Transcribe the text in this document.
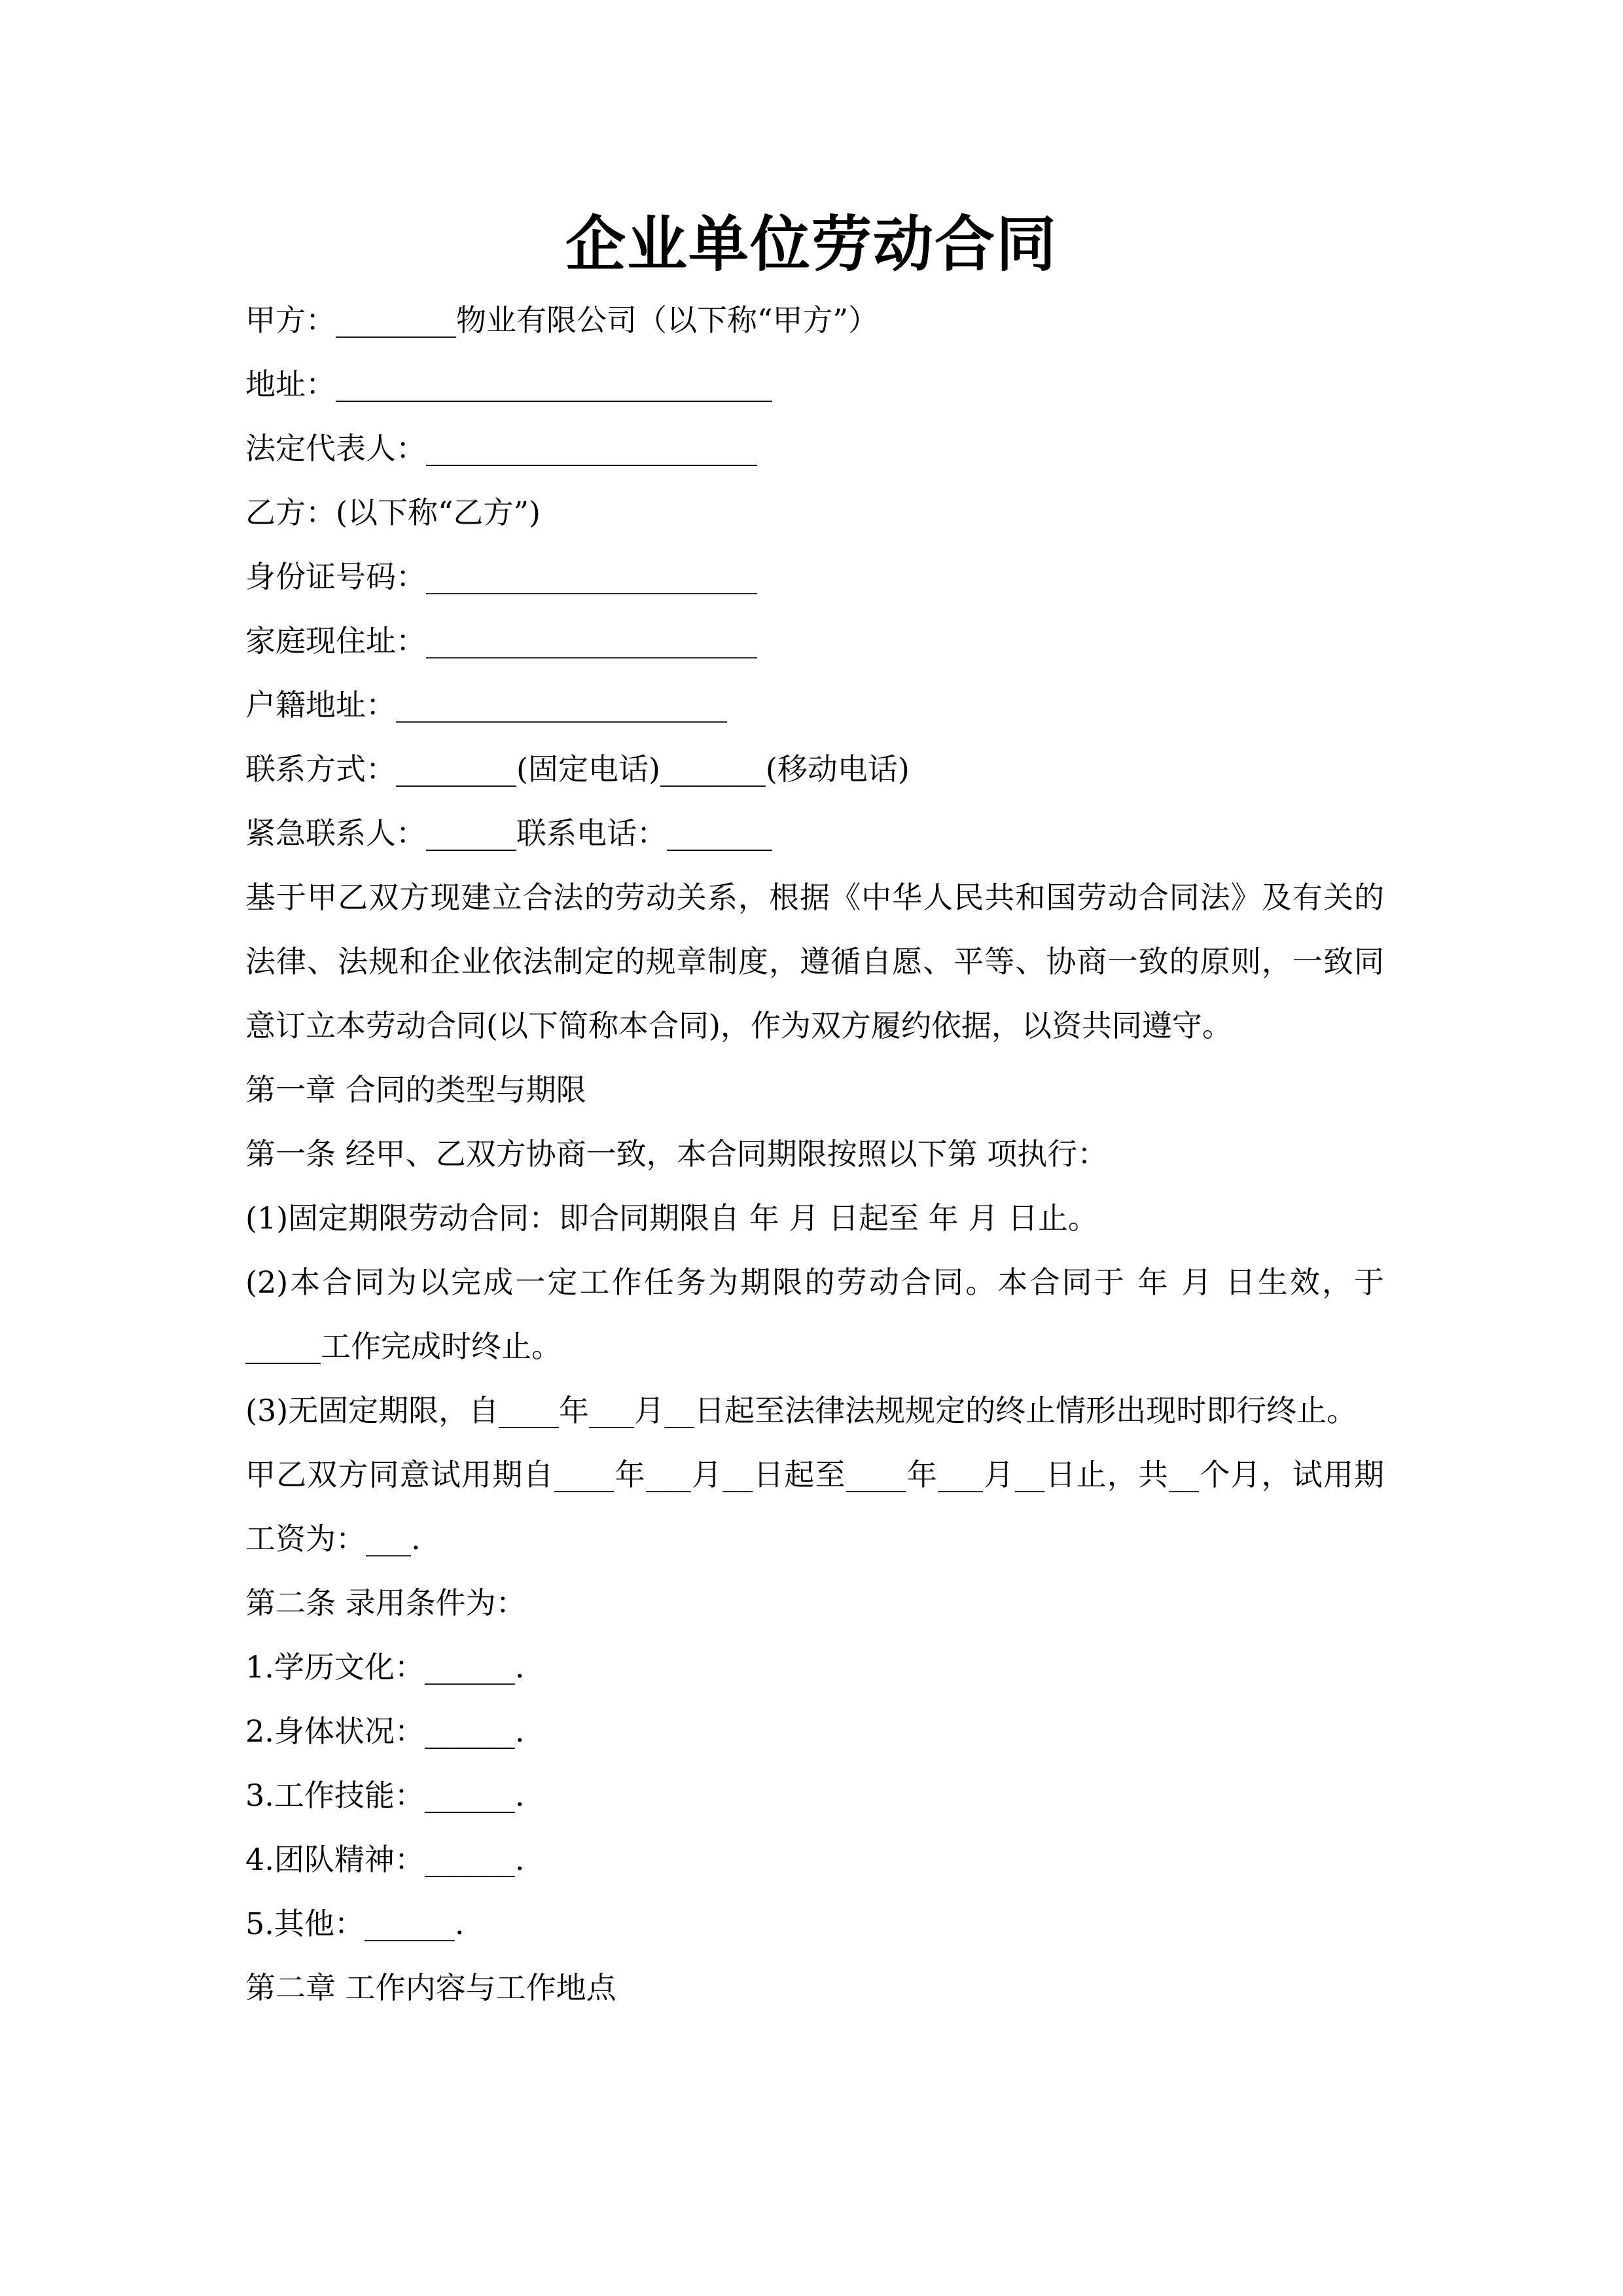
企业单位劳动合同
甲方：________物业有限公司（以下称“甲方”）
地址：_____________________________
法定代表人：______________________
乙方：(以下称“乙方”)
身份证号码：______________________
家庭现住址：______________________
户籍地址：______________________
联系方式：________(固定电话)_______(移动电话)
紧急联系人：______联系电话：_______
基于甲乙双方现建立合法的劳动关系，根据《中华人民共和国劳动合同法》及有关的法律、法规和企业依法制定的规章制度，遵循自愿、平等、协商一致的原则，一致同意订立本劳动合同(以下简称本合同)，作为双方履约依据，以资共同遵守。
第一章 合同的类型与期限
第一条 经甲、乙双方协商一致，本合同期限按照以下第 项执行：
(1)固定期限劳动合同：即合同期限自 年 月 日起至 年 月 日止。
(2)本合同为以完成一定工作任务为期限的劳动合同。本合同于 年 月 日生效，于_____工作完成时终止。
(3)无固定期限，自____年___月__日起至法律法规规定的终止情形出现时即行终止。
甲乙双方同意试用期自____年___月__日起至____年___月__日止，共__个月，试用期工资为：___.
第二条 录用条件为：
1.学历文化：______.
2.身体状况：______.
3.工作技能：______.
4.团队精神：______.
5.其他：______.
第二章 工作内容与工作地点
